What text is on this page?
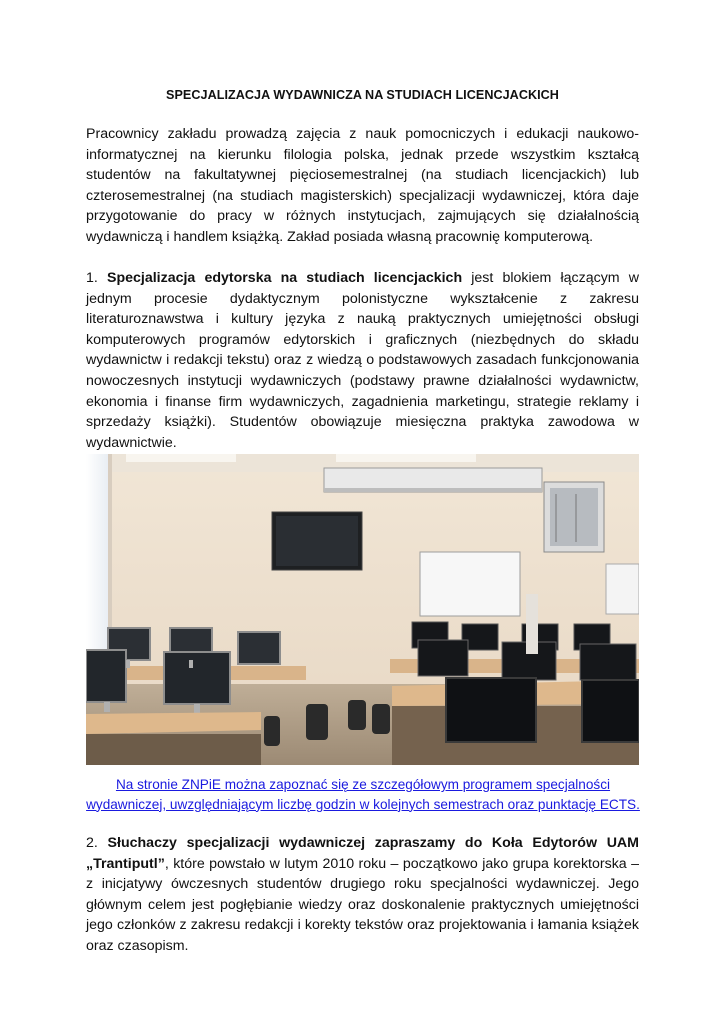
SPECJALIZACJA WYDAWNICZA NA STUDIACH LICENCJACKICH

Pracownicy zakładu prowadzą zajęcia z nauk pomocniczych i edukacji naukowo-informatycznej na kierunku filologia polska, jednak przede wszystkim kształcą studentów na fakultatywnej pięciosemestralnej (na studiach licencjackich) lub czterosemestralnej (na studiach magisterskich) specjalizacji wydawniczej, która daje przygotowanie do pracy w różnych instytucjach, zajmujących się działalnością wydawniczą i handlem książką. Zakład posiada własną pracownię komputerową.

1. Specjalizacja edytorska na studiach licencjackich jest blokiem łączącym w jednym procesie dydaktycznym polonistyczne wykształcenie z zakresu literaturoznawstwa i kultury języka z nauką praktycznych umiejętności obsługi komputerowych programów edytorskich i graficznych (niezbędnych do składu wydawnictw i redakcji tekstu) oraz z wiedzą o podstawowych zasadach funkcjonowania nowoczesnych instytucji wydawniczych (podstawy prawne działalności wydawnictw, ekonomia i finanse firm wydawniczych, zagadnienia marketingu, strategie reklamy i sprzedaży książki). Studentów obowiązuje miesięczna praktyka zawodowa w wydawnictwie.

Na stronie ZNPiE można zapoznać się ze szczegółowym programem specjalności wydawniczej, uwzględniającym liczbę godzin w kolejnych semestrach oraz punktację ECTS.

2. Słuchaczy specjalizacji wydawniczej zapraszamy do Koła Edytorów UAM „Trantiputl”, które powstało w lutym 2010 roku – początkowo jako grupa korektorska – z inicjatywy ówczesnych studentów drugiego roku specjalności wydawniczej. Jego głównym celem jest pogłębianie wiedzy oraz doskonalenie praktycznych umiejętności jego członków z zakresu redakcji i korekty tekstów oraz projektowania i łamania książek oraz czasopism.
